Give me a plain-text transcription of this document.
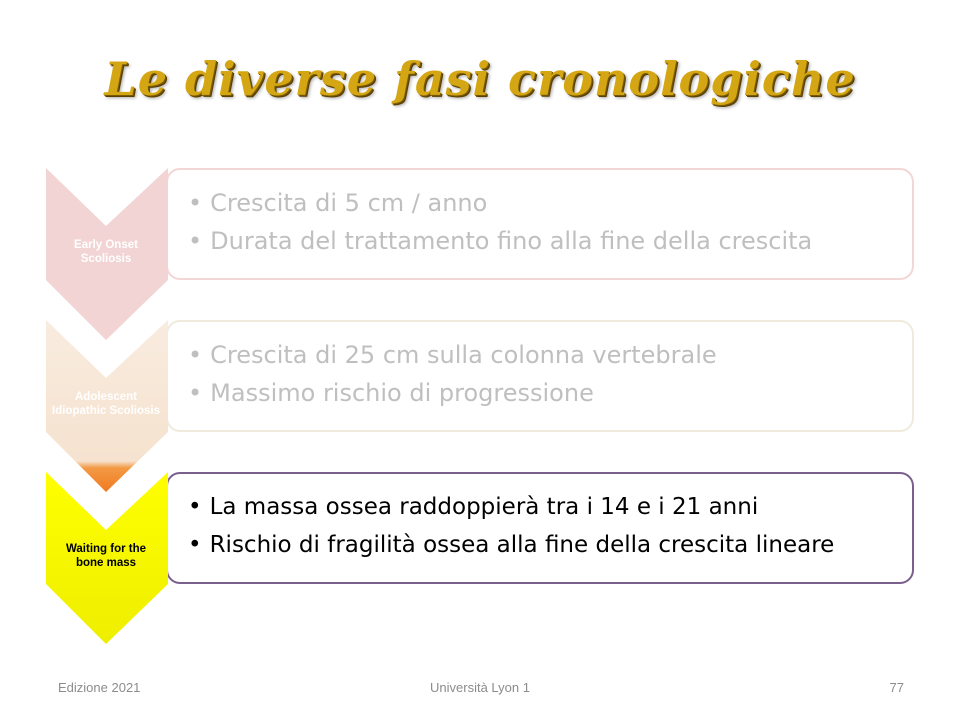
Le diverse fasi cronologiche
• Crescita di 5 cm / anno
• Durata del trattamento fino alla fine della crescita
Early Onset
Scoliosis
• Crescita di 25 cm sulla colonna vertebrale
• Massimo rischio di progressione
Adolescent
Idiopathic Scoliosis
• La massa ossea raddoppierà tra i 14 e i 21 anni
• Rischio di fragilità ossea alla fine della crescita lineare
Waiting for the
bone mass
Edizione 2021	Università Lyon 1	77
